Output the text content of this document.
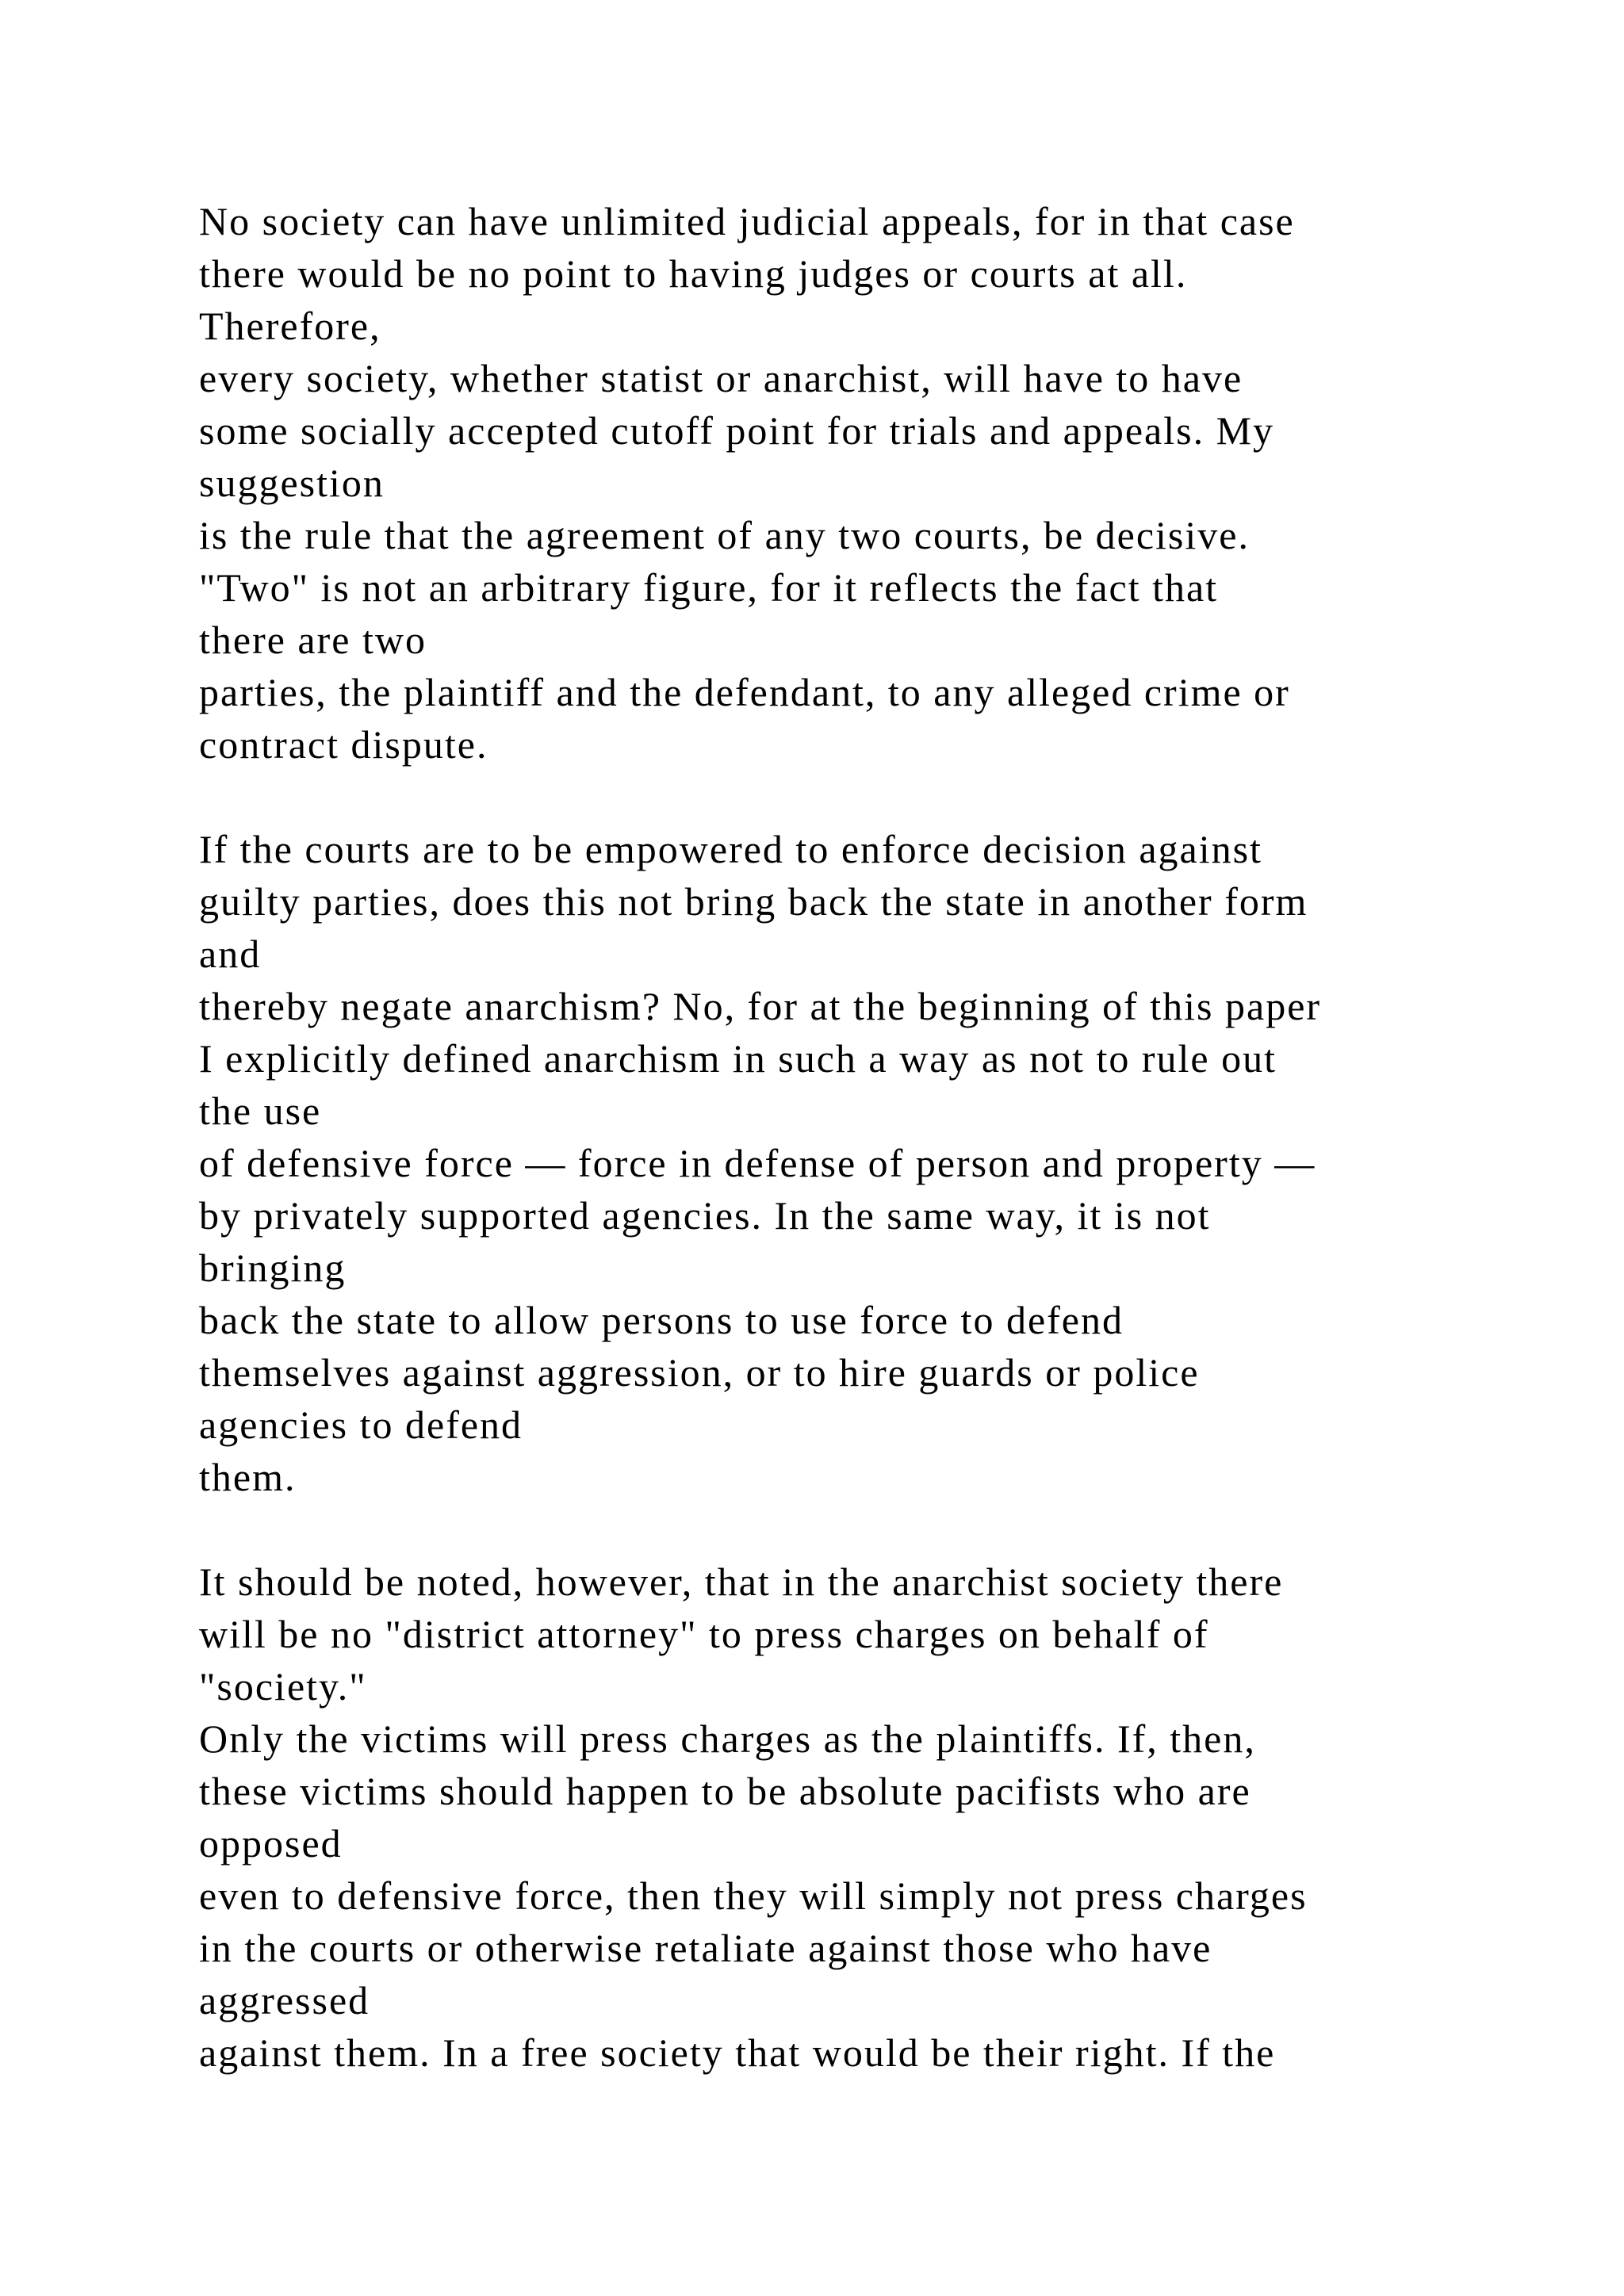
No society can have unlimited judicial appeals, for in that case
there would be no point to having judges or courts at all.
Therefore,
every society, whether statist or anarchist, will have to have
some socially accepted cutoff point for trials and appeals. My
suggestion
is the rule that the agreement of any two courts, be decisive.
"Two" is not an arbitrary figure, for it reflects the fact that
there are two
parties, the plaintiff and the defendant, to any alleged crime or
contract dispute.
If the courts are to be empowered to enforce decision against
guilty parties, does this not bring back the state in another form
and
thereby negate anarchism? No, for at the beginning of this paper
I explicitly defined anarchism in such a way as not to rule out
the use
of defensive force — force in defense of person and property —
by privately supported agencies. In the same way, it is not
bringing
back the state to allow persons to use force to defend
themselves against aggression, or to hire guards or police
agencies to defend
them.
It should be noted, however, that in the anarchist society there
will be no "district attorney" to press charges on behalf of
"society."
Only the victims will press charges as the plaintiffs. If, then,
these victims should happen to be absolute pacifists who are
opposed
even to defensive force, then they will simply not press charges
in the courts or otherwise retaliate against those who have
aggressed
against them. In a free society that would be their right. If the
